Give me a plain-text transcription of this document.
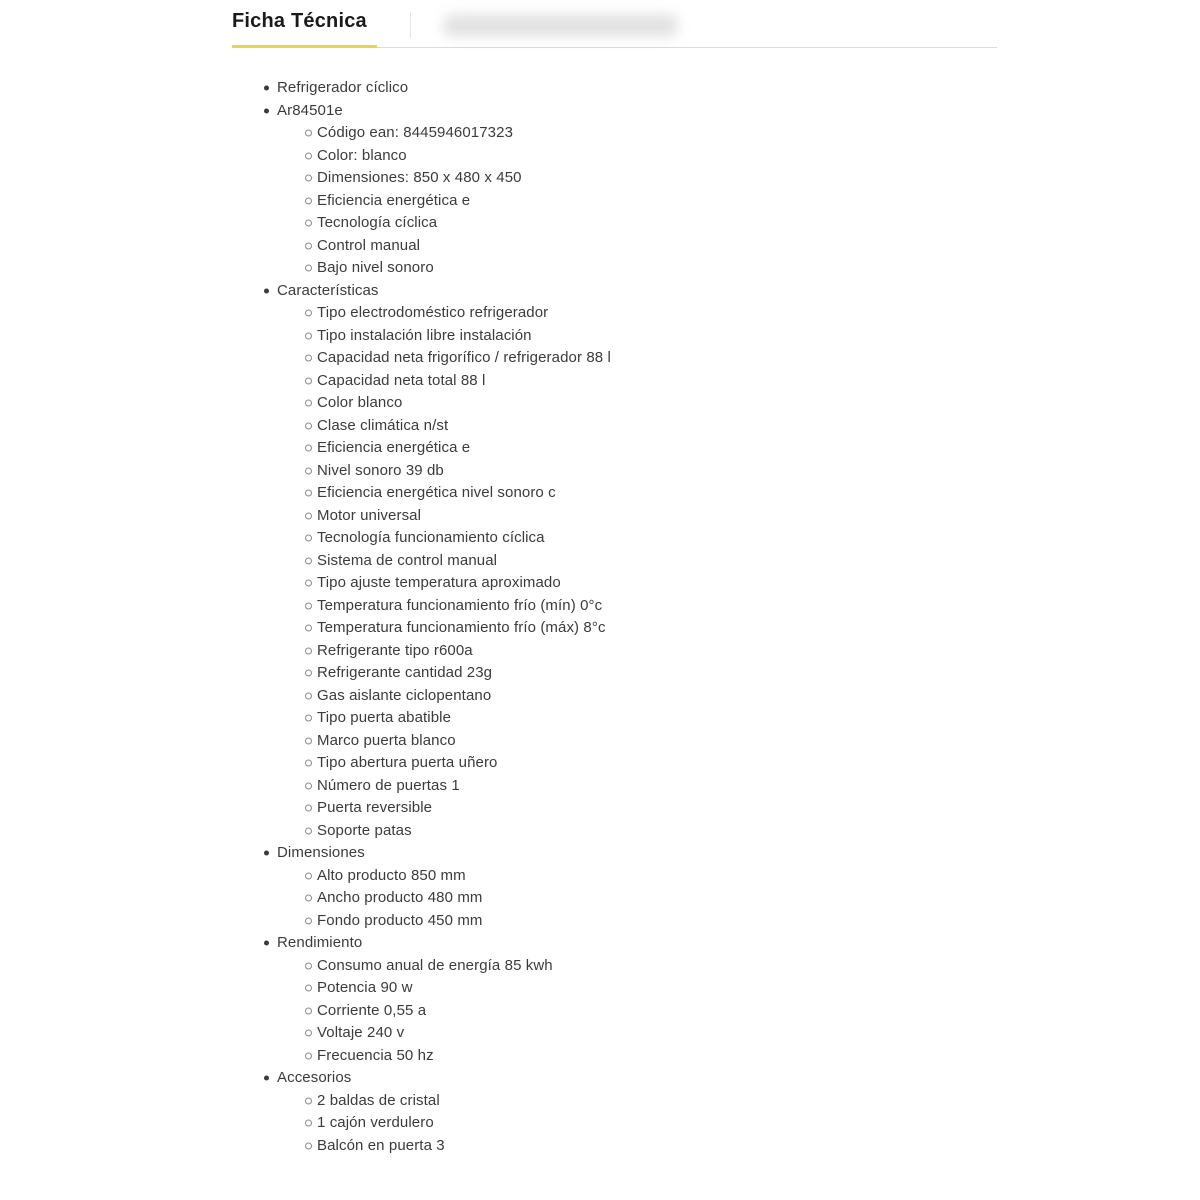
Ficha Técnica
Refrigerador cíclico
Ar84501e
Código ean: 8445946017323
Color: blanco
Dimensiones: 850 x 480 x 450
Eficiencia energética e
Tecnología cíclica
Control manual
Bajo nivel sonoro
Características
Tipo electrodoméstico refrigerador
Tipo instalación libre instalación
Capacidad neta frigorífico / refrigerador 88 l
Capacidad neta total 88 l
Color blanco
Clase climática n/st
Eficiencia energética e
Nivel sonoro 39 db
Eficiencia energética nivel sonoro c
Motor universal
Tecnología funcionamiento cíclica
Sistema de control manual
Tipo ajuste temperatura aproximado
Temperatura funcionamiento frío (mín) 0°c
Temperatura funcionamiento frío (máx) 8°c
Refrigerante tipo r600a
Refrigerante cantidad 23g
Gas aislante ciclopentano
Tipo puerta abatible
Marco puerta blanco
Tipo abertura puerta uñero
Número de puertas 1
Puerta reversible
Soporte patas
Dimensiones
Alto producto 850 mm
Ancho producto 480 mm
Fondo producto 450 mm
Rendimiento
Consumo anual de energía 85 kwh
Potencia 90 w
Corriente 0,55 a
Voltaje 240 v
Frecuencia 50 hz
Accesorios
2 baldas de cristal
1 cajón verdulero
Balcón en puerta 3
